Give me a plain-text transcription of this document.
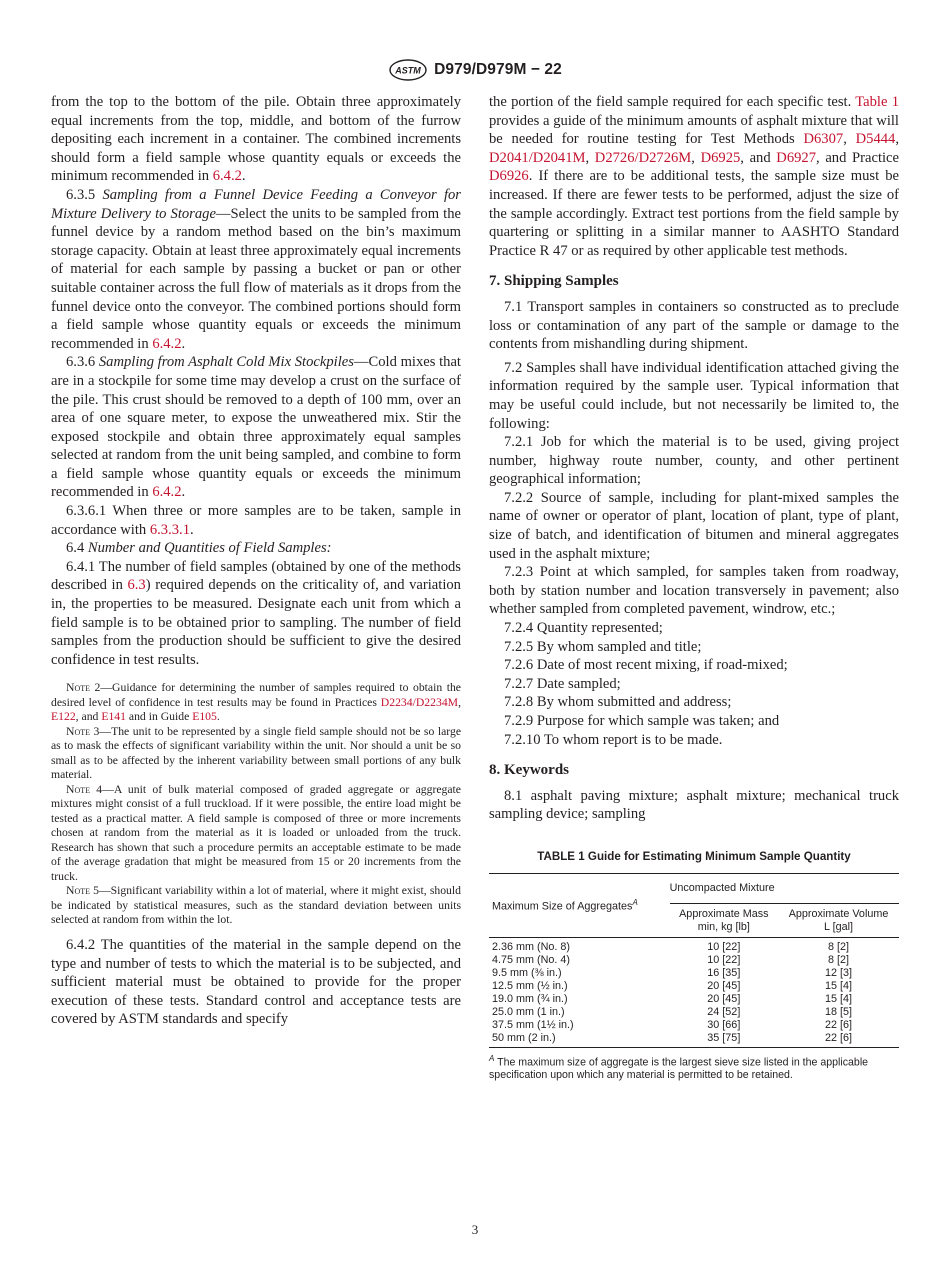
ASTM D979/D979M − 22

from the top to the bottom of the pile. Obtain three approximately equal increments from the top, middle, and bottom of the furrow depositing each increment in a container. The combined increments should form a field sample whose quantity equals or exceeds the minimum recommended in 6.4.2.

6.3.5 Sampling from a Funnel Device Feeding a Conveyor for Mixture Delivery to Storage—Select the units to be sampled from the funnel device by a random method based on the bin’s maximum storage capacity. Obtain at least three approximately equal increments of material for each sample by passing a bucket or pan or other suitable container across the full flow of materials as it drops from the funnel device onto the conveyor. The combined portions should form a field sample whose quantity equals or exceeds the minimum recommended in 6.4.2.

6.3.6 Sampling from Asphalt Cold Mix Stockpiles—Cold mixes that are in a stockpile for some time may develop a crust on the surface of the pile. This crust should be removed to a depth of 100 mm, over an area of one square meter, to expose the unweathered mix. Stir the exposed stockpile and obtain three approximately equal samples selected at random from the unit being sampled, and combine to form a field sample whose quantity equals or exceeds the minimum recommended in 6.4.2.

6.3.6.1 When three or more samples are to be taken, sample in accordance with 6.3.3.1.

6.4 Number and Quantities of Field Samples:

6.4.1 The number of field samples (obtained by one of the methods described in 6.3) required depends on the criticality of, and variation in, the properties to be measured. Designate each unit from which a field sample is to be obtained prior to sampling. The number of field samples from the production should be sufficient to give the desired confidence in test results.

Note 2—Guidance for determining the number of samples required to obtain the desired level of confidence in test results may be found in Practices D2234/D2234M, E122, and E141 and in Guide E105.

Note 3—The unit to be represented by a single field sample should not be so large as to mask the effects of significant variability within the unit. Nor should a unit be so small as to be affected by the inherent variability between small portions of any bulk material.

Note 4—A unit of bulk material composed of graded aggregate or aggregate mixtures might consist of a full truckload. If it were possible, the entire load might be tested as a practical matter. A field sample is composed of three or more increments chosen at random from the material as it is loaded or unloaded from the truck. Research has shown that such a procedure permits an acceptable estimate to be made of the average gradation that might be measured from 15 or 20 increments from the truck.

Note 5—Significant variability within a lot of material, where it might exist, should be indicated by statistical measures, such as the standard deviation between units selected at random from within the lot.

6.4.2 The quantities of the material in the sample depend on the type and number of tests to which the material is to be subjected, and sufficient material must be obtained to provide for the proper execution of these tests. Standard control and acceptance tests are covered by ASTM standards and specify

the portion of the field sample required for each specific test. Table 1 provides a guide of the minimum amounts of asphalt mixture that will be needed for routine testing for Test Methods D6307, D5444, D2041/D2041M, D2726/D2726M, D6925, and D6927, and Practice D6926. If there are to be additional tests, the sample size must be increased. If there are fewer tests to be performed, adjust the size of the sample accordingly. Extract test portions from the field sample by quartering or splitting in a similar manner to AASHTO Standard Practice R 47 or as required by other applicable test methods.

7. Shipping Samples

7.1 Transport samples in containers so constructed as to preclude loss or contamination of any part of the sample or damage to the contents from mishandling during shipment.

7.2 Samples shall have individual identification attached giving the information required by the sample user. Typical information that may be useful could include, but not necessarily be limited to, the following:

7.2.1 Job for which the material is to be used, giving project number, highway route number, county, and other pertinent geographical information;

7.2.2 Source of sample, including for plant-mixed samples the name of owner or operator of plant, location of plant, type of plant, size of batch, and identification of bitumen and mineral aggregates used in the asphalt mixture;

7.2.3 Point at which sampled, for samples taken from roadway, both by station number and location transversely in pavement; also whether sampled from completed pavement, windrow, etc.;

7.2.4 Quantity represented;

7.2.5 By whom sampled and title;

7.2.6 Date of most recent mixing, if road-mixed;

7.2.7 Date sampled;

7.2.8 By whom submitted and address;

7.2.9 Purpose for which sample was taken; and

7.2.10 To whom report is to be made.

8. Keywords

8.1 asphalt paving mixture; asphalt mixture; mechanical truck sampling device; sampling

TABLE 1 Guide for Estimating Minimum Sample Quantity
Maximum Size of Aggregates$^A$	Uncompacted Mixture	
	Approximate Mass
min, kg [lb]	Approximate Volume
L [gal]
2.36 mm (No. 8)	10 [22]	8 [2]
4.75 mm (No. 4)	10 [22]	8 [2]
9.5 mm (⅜ in.)	16 [35]	12 [3]
12.5 mm (½ in.)	20 [45]	15 [4]
19.0 mm (¾ in.)	20 [45]	15 [4]
25.0 mm (1 in.)	24 [52]	18 [5]
37.5 mm (1½ in.)	30 [66]	22 [6]
50 mm (2 in.)	35 [75]	22 [6]
$^A$ The maximum size of aggregate is the largest sieve size listed in the applicable specification upon which any material is permitted to be retained.
3
